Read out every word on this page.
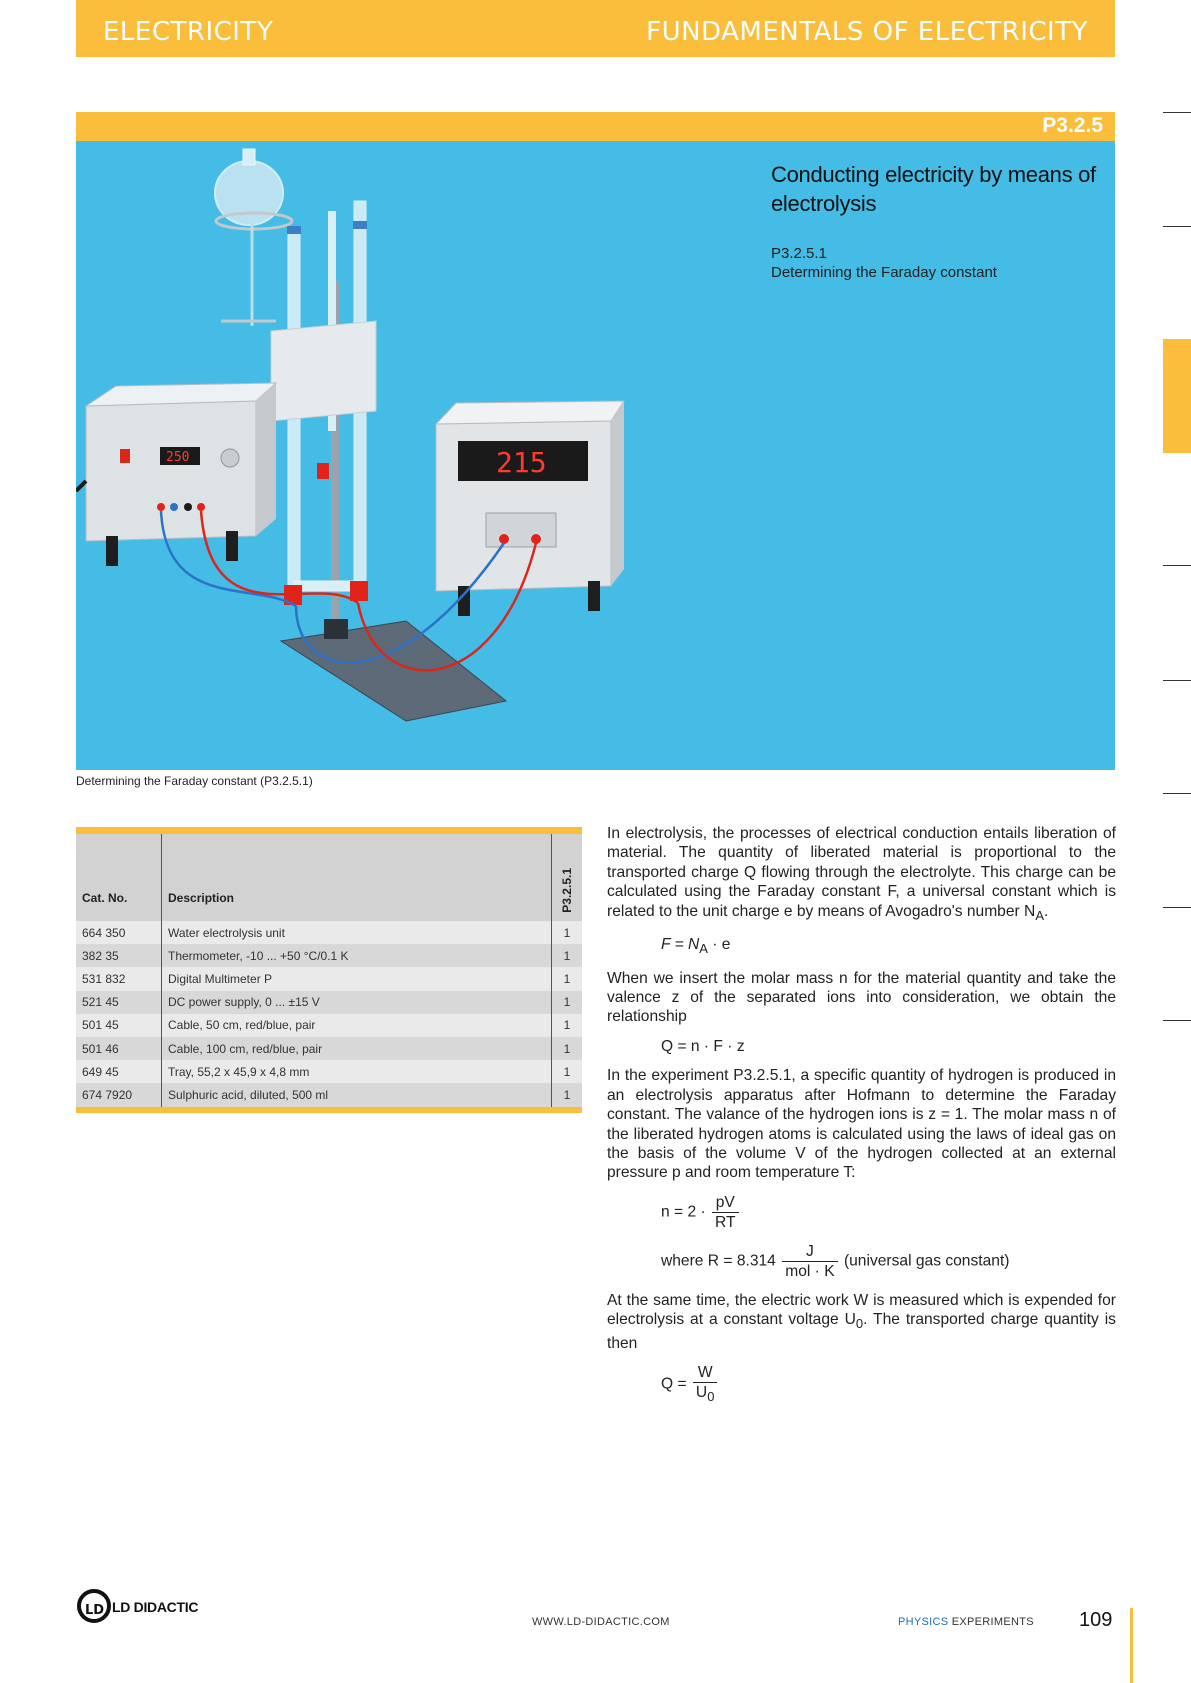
ELECTRICITY	FUNDAMENTALS OF ELECTRICITY
P3.2.5
250	215
Conducting electricity by means of electrolysis
P3.2.5.1
Determining the Faraday constant
Determining the Faraday constant (P3.2.5.1)
Cat. No.	Description	P3.2.5.1

664 350	Water electrolysis unit	1
382 35	Thermometer, -10 ... +50 °C/0.1 K	1
531 832	Digital Multimeter P	1
521 45	DC power supply, 0 ... ±15 V	1
501 45	Cable, 50 cm, red/blue, pair	1
501 46	Cable, 100 cm, red/blue, pair	1
649 45	Tray, 55,2 x 45,9 x 4,8 mm	1
674 7920	Sulphuric acid, diluted, 500 ml	1

In electrolysis, the processes of electrical conduction entails liberation of material. The quantity of liberated material is proportional to the transported charge Q flowing through the electrolyte. This charge can be calculated using the Faraday constant F, a universal constant which is related to the unit charge e by means of Avogadro's number $N_A$.

$F = N_A \cdot e$

When we insert the molar mass n for the material quantity and take the valence z of the separated ions into consideration, we obtain the relationship

Q = n · F · z

In the experiment P3.2.5.1, a specific quantity of hydrogen is produced in an electrolysis apparatus after Hofmann to determine the Faraday constant. The valance of the hydrogen ions is z = 1. The molar mass n of the liberated hydrogen atoms is calculated using the laws of ideal gas on the basis of the volume V of the hydrogen collected at an external pressure p and room temperature T:

$n = 2 \cdot \frac{pV}{RT}$
where $R = 8.314 \frac{J}{\text{mol · K}}$ (universal gas constant)

At the same time, the electric work W is measured which is expended for electrolysis at a constant voltage $U_0$. The transported charge quantity is then

$Q = \frac{W}{U_0}$
LD LD DIDACTIC
WWW.LD-DIDACTIC.COM	PHYSICS EXPERIMENTS 109
